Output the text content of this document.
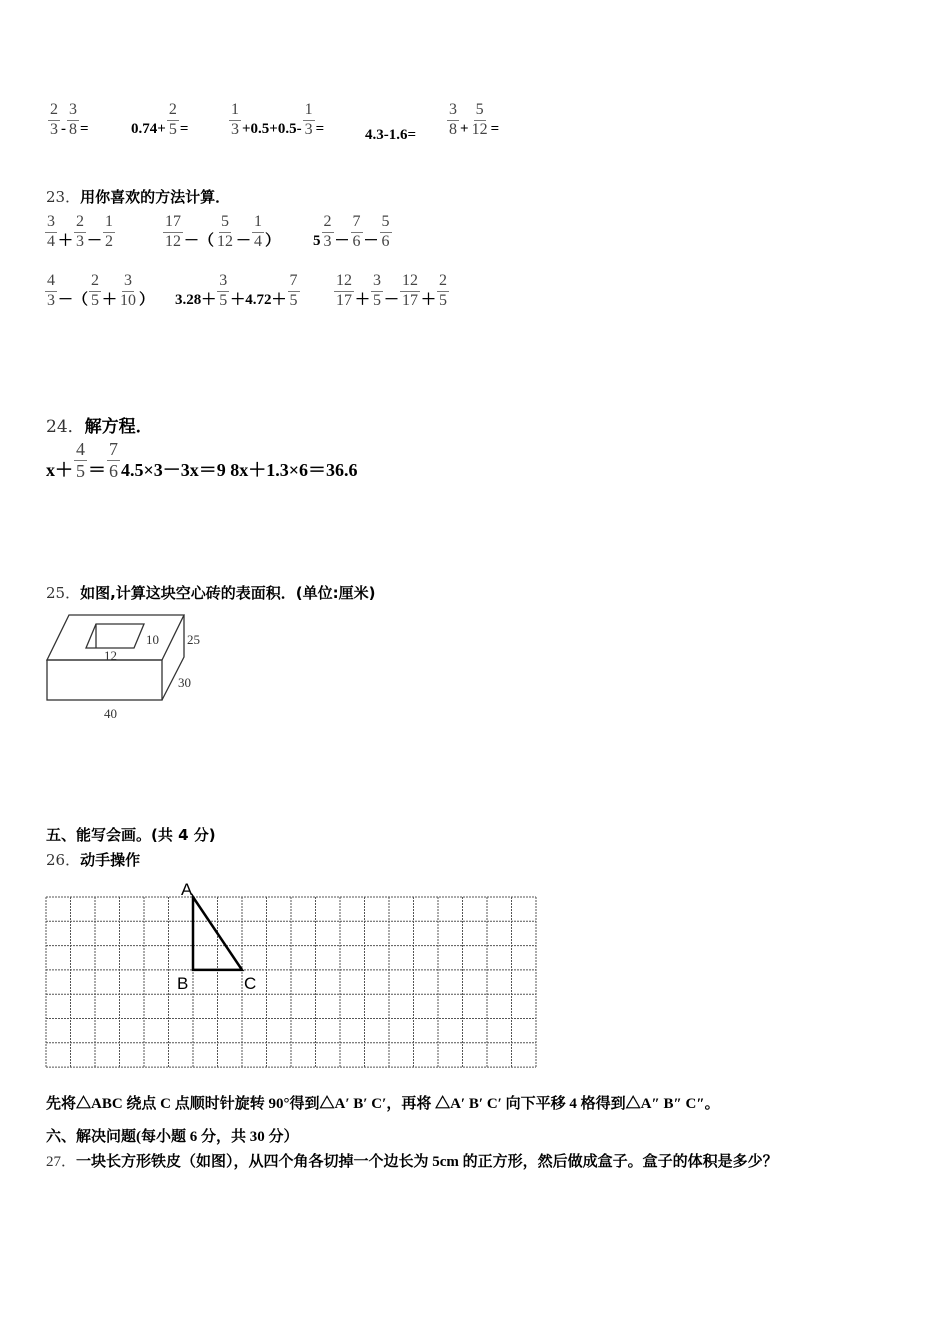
23．用你喜欢的方法计算．
24．解方程．
25．如图,计算这块空心砖的表面积．(单位:厘米)
12
10 25
30
40
五、能写会画。(共 4 分)
26．动手操作
A
B	C
先将△ABC 绕点 C 点顺时针旋转 90°得到△A′ B′ C′，再将 △A′ B′ C′ 向下平移 4 格得到△A″ B″ C″。
六、解决问题(每小题 6 分，共 30 分）
27．一块长方形铁皮（如图），从四个角各切掉一个边长为 5cm 的正方形，然后做成盒子。盒子的体积是多少？
$\frac{2}{3} - \frac{3}{8}$ =	$0.74+ \frac{2}{5}$ =	$\frac{1}{3} +0.5+0.5- \frac{1}{3}$ =	$4.3-1.6= \frac{3}{8} + \frac{5}{12}$ =
$\frac{3}{4} + \frac{2}{3} - \frac{1}{2}$	$\frac{17}{12}$ －（ $\frac{5}{12} - \frac{1}{4}$ ） $5 \frac{2}{3} - \frac{7}{6} - \frac{5}{6}$
$\frac{4}{3}$ －（ $\frac{2}{5} + \frac{3}{10}$ ） $3.28+ \frac{3}{5} +4.72+ \frac{7}{5} \frac{12}{17} + \frac{3}{5} - \frac{12}{17} + \frac{2}{5}$
$x+ \frac{4}{5} = \frac{7}{6} 4.5\times 3-3x=9$ 8x＋1.3×6＝36.6
